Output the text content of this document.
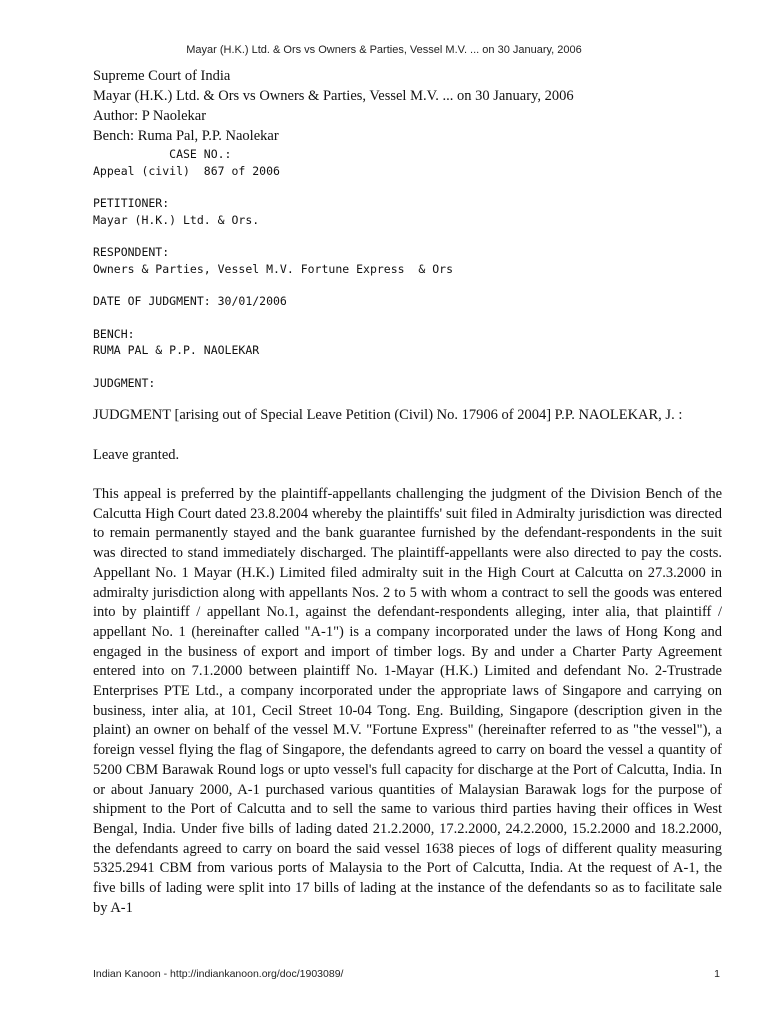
Mayar (H.K.) Ltd. & Ors vs Owners & Parties, Vessel M.V. ... on 30 January, 2006
Supreme Court of India
Mayar (H.K.) Ltd. & Ors vs Owners & Parties, Vessel M.V. ... on 30 January, 2006
Author: P Naolekar
Bench: Ruma Pal, P.P. Naolekar
CASE NO.:
Appeal (civil)  867 of 2006
PETITIONER:
Mayar (H.K.) Ltd. & Ors.
RESPONDENT:
Owners & Parties, Vessel M.V. Fortune Express  & Ors
DATE OF JUDGMENT: 30/01/2006
BENCH:
RUMA PAL & P.P. NAOLEKAR
JUDGMENT:
JUDGMENT [arising out of Special Leave Petition (Civil) No. 17906 of 2004] P.P. NAOLEKAR, J. :
Leave granted.
This appeal is preferred by the plaintiff-appellants challenging the judgment of the Division Bench of the Calcutta High Court dated 23.8.2004 whereby the plaintiffs' suit filed in Admiralty jurisdiction was directed to remain permanently stayed and the bank guarantee furnished by the defendant-respondents in the suit was directed to stand immediately discharged. The plaintiff-appellants were also directed to pay the costs. Appellant No. 1 Mayar (H.K.) Limited filed admiralty suit in the High Court at Calcutta on 27.3.2000 in admiralty jurisdiction along with appellants Nos. 2 to 5 with whom a contract to sell the goods was entered into by plaintiff / appellant No.1, against the defendant-respondents alleging, inter alia, that plaintiff / appellant No. 1 (hereinafter called "A-1") is a company incorporated under the laws of Hong Kong and engaged in the business of export and import of timber logs. By and under a Charter Party Agreement entered into on 7.1.2000 between plaintiff No. 1-Mayar (H.K.) Limited and defendant No. 2-Trustrade Enterprises PTE Ltd., a company incorporated under the appropriate laws of Singapore and carrying on business, inter alia, at 101, Cecil Street 10-04 Tong. Eng. Building, Singapore (description given in the plaint) an owner on behalf of the vessel M.V. "Fortune Express" (hereinafter referred to as "the vessel"), a foreign vessel flying the flag of Singapore, the defendants agreed to carry on board the vessel a quantity of 5200 CBM Barawak Round logs or upto vessel's full capacity for discharge at the Port of Calcutta, India. In or about January 2000, A-1 purchased various quantities of Malaysian Barawak logs for the purpose of shipment to the Port of Calcutta and to sell the same to various third parties having their offices in West Bengal, India. Under five bills of lading dated 21.2.2000, 17.2.2000, 24.2.2000, 15.2.2000 and 18.2.2000, the defendants agreed to carry on board the said vessel 1638 pieces of logs of different quality measuring 5325.2941 CBM from various ports of Malaysia to the Port of Calcutta, India. At the request of A-1, the five bills of lading were split into 17 bills of lading at the instance of the defendants so as to facilitate sale by A-1
Indian Kanoon - http://indiankanoon.org/doc/1903089/	1
